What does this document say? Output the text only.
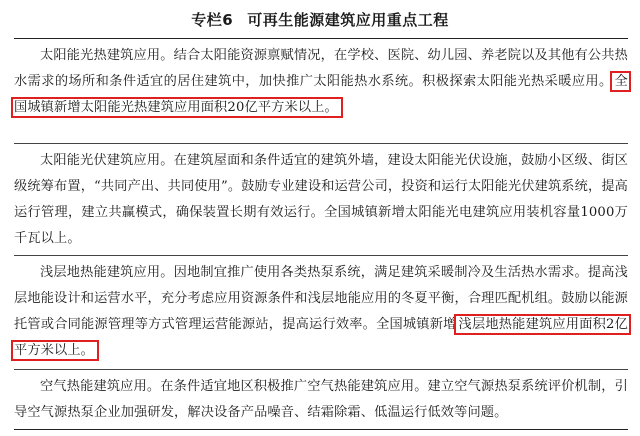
专栏6 可再生能源建筑应用重点工程

太阳能光热建筑应用。结合太阳能资源禀赋情况，在学校、医院、幼儿园、养老院以及其他有公共热水需求的场所和条件适宜的居住建筑中，加快推广太阳能热水系统。积极探索太阳能光热采暖应用。 全国城镇新增太阳能光热建筑应用面积20亿平方米以上。

太阳能光伏建筑应用。在建筑屋面和条件适宜的建筑外墙，建设太阳能光伏设施，鼓励小区级、街区级统筹布置，“共同产出、共同使用”。鼓励专业建设和运营公司，投资和运行太阳能光伏建筑系统，提高运行管理，建立共赢模式，确保装置长期有效运行。全国城镇新增太阳能光电建筑应用装机容量1000万千瓦以上。

浅层地热能建筑应用。因地制宜推广使用各类热泵系统，满足建筑采暖制冷及生活热水需求。提高浅层地能设计和运营水平，充分考虑应用资源条件和浅层地能应用的冬夏平衡，合理匹配机组。鼓励以能源托管或合同能源管理等方式管理运营能源站，提高运行效率。全国城镇新增 浅层地热能建筑应用面积2亿平方米以上。

空气热能建筑应用。在条件适宜地区积极推广空气热能建筑应用。建立空气源热泵系统评价机制，引导空气源热泵企业加强研发，解决设备产品噪音、结霜除霜、低温运行低效等问题。
